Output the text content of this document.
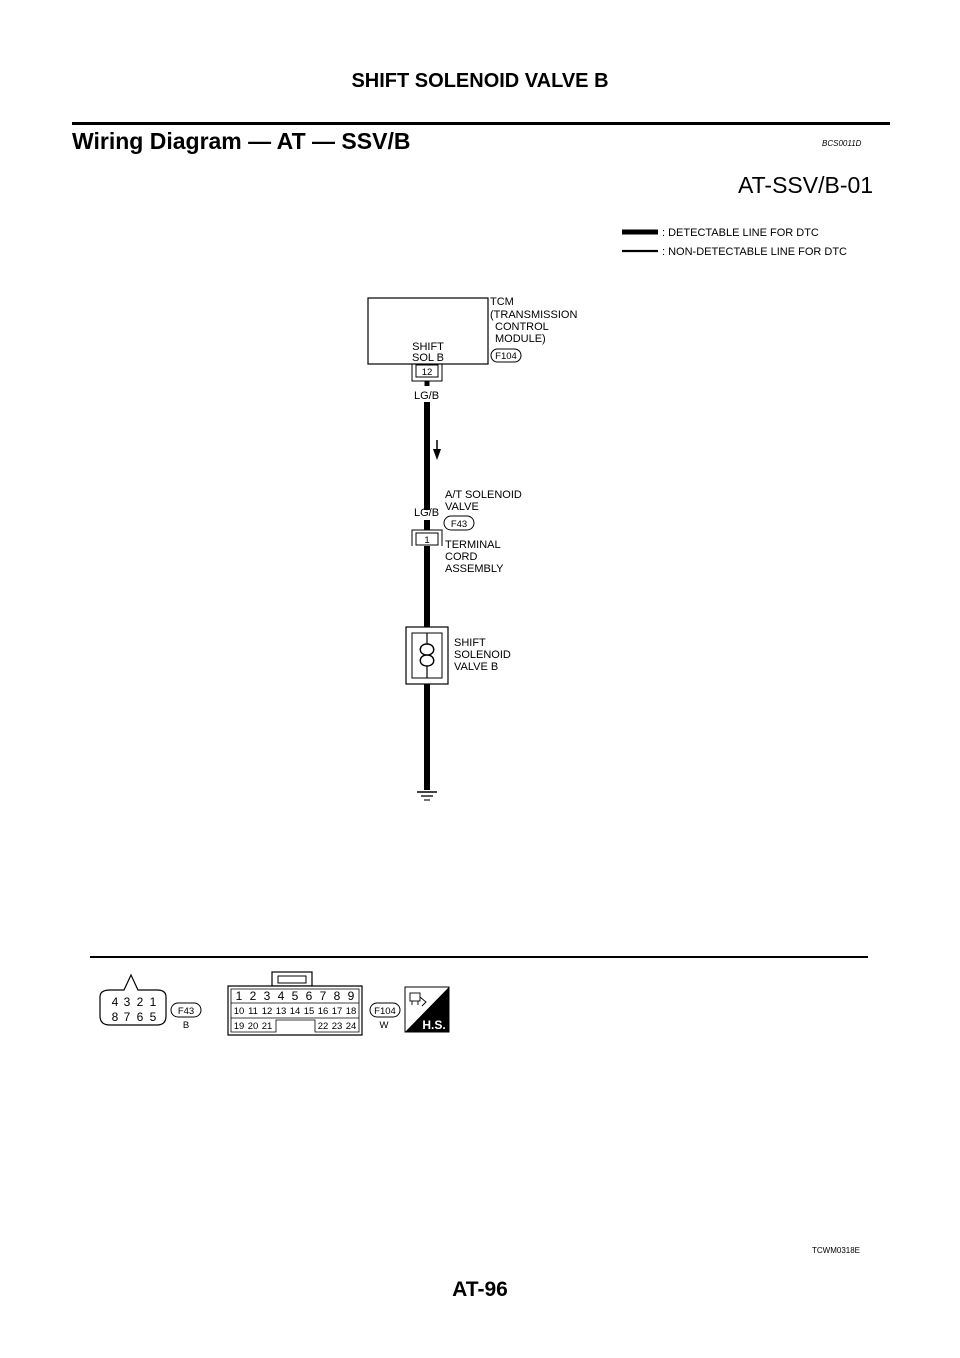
SHIFT SOLENOID VALVE B
Wiring Diagram — AT — SSV/B	BCS0011D
AT-SSV/B-01
: DETECTABLE LINE FOR DTC
: NON-DETECTABLE LINE FOR DTC
TCM
(TRANSMISSION
CONTROL
MODULE)
SHIFT
SOL B	F104
12
LG/B
LG/B
A/T SOLENOID
VALVE
F43
1 TERMINAL
CORD
ASSEMBLY
SHIFT
SOLENOID
VALVE B
4 3 2 1
8 7 6 5 F43
B
1 2 3 4 5 6 7 8 9
10 11 12 13 14 15 16 17 18
19 20 21	22 23 24
F104
W	H.S.
TCWM0318E
AT-96
